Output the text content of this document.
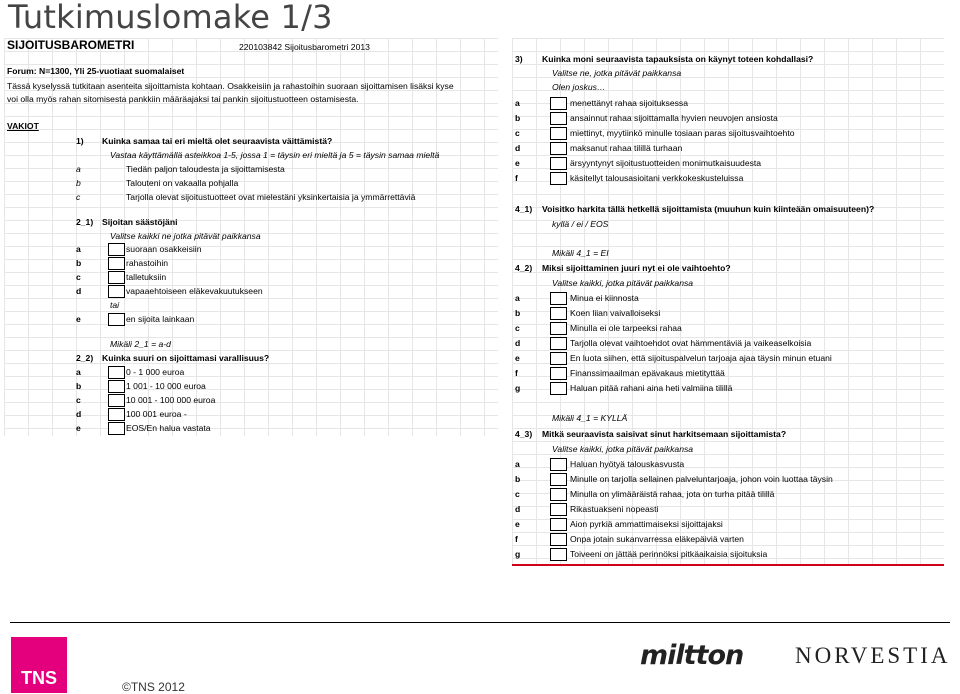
Tutkimuslomake 1/3
SIJOITUSBAROMETRI	220103842 Sijoitusbarometri 2013
Forum: N=1300, Yli 25-vuotiaat suomalaiset
Tässä kyselyssä tutkitaan asenteita sijoittamista kohtaan. Osakkeisiin ja rahastoihin suoraan sijoittamisen lisäksi kyse
voi olla myös rahan sitomisesta pankkiin määräajaksi tai pankin sijoitustuotteen ostamisesta.
VAKIOT
1) Kuinka samaa tai eri mieltä olet seuraavista väittämistä?
Vastaa käyttämällä asteikkoa 1-5, jossa 1 = täysin eri mieltä ja 5 = täysin samaa mieltä
a	Tiedän paljon taloudesta ja sijoittamisesta
b	Talouteni on vakaalla pohjalla
c	Tarjolla olevat sijoitustuotteet ovat mielestäni yksinkertaisia ja ymmärrettäviä
2_1) Sijoitan säästöjäni
Valitse kaikki ne jotka pitävät paikkansa
a	suoraan osakkeisiin
b	rahastoihin
c	talletuksiin
d	vapaaehtoiseen eläkevakuutukseen
tai
e	en sijoita lainkaan
Mikäli 2_1 = a-d
2_2) Kuinka suuri on sijoittamasi varallisuus?
a	0 - 1 000 euroa
b	1 001 - 10 000 euroa
c	10 001 - 100 000 euroa
d	100 001 euroa -
e	EOS/En halua vastata
3) Kuinka moni seuraavista tapauksista on käynyt toteen kohdallasi?
Valitse ne, jotka pitävät paikkansa
Olen joskus…
a	menettänyt rahaa sijoituksessa
b	ansainnut rahaa sijoittamalla hyvien neuvojen ansiosta
c	miettinyt, myytiinkö minulle tosiaan paras sijoitusvaihtoehto
d	maksanut rahaa tilillä turhaan
e	ärsyyntynyt sijoitustuotteiden monimutkaisuudesta
f	käsitellyt talousasioitani verkkokeskusteluissa
4_1) Voisitko harkita tällä hetkellä sijoittamista (muuhun kuin kiinteään omaisuuteen)?
kyllä / ei / EOS
Mikäli 4_1 = EI
4_2) Miksi sijoittaminen juuri nyt ei ole vaihtoehto?
Valitse kaikki, jotka pitävät paikkansa
a	Minua ei kiinnosta
b	Koen liian vaivalloiseksi
c	Minulla ei ole tarpeeksi rahaa
d	Tarjolla olevat vaihtoehdot ovat hämmentäviä ja vaikeaselkoisia
e	En luota siihen, että sijoituspalvelun tarjoaja ajaa täysin minun etuani
f	Finanssimaailman epävakaus mietityttää
g	Haluan pitää rahani aina heti valmiina tilillä
Mikäli 4_1 = KYLLÄ
4_3) Mitkä seuraavista saisivat sinut harkitsemaan sijoittamista?
Valitse kaikki, jotka pitävät paikkansa
a	Haluan hyötyä talouskasvusta
b	Minulle on tarjolla sellainen palveluntarjoaja, johon voin luottaa täysin
c	Minulla on ylimääräistä rahaa, jota on turha pitää tilillä
d	Rikastuakseni nopeasti
e	Aion pyrkiä ammattimaiseksi sijoittajaksi
f	Onpa jotain sukanvarressa eläkepäiviä varten
g	Toiveeni on jättää perinnöksi pitkäaikaisia sijoituksia
TNS	©TNS 2012
miltton NORVESTIA
